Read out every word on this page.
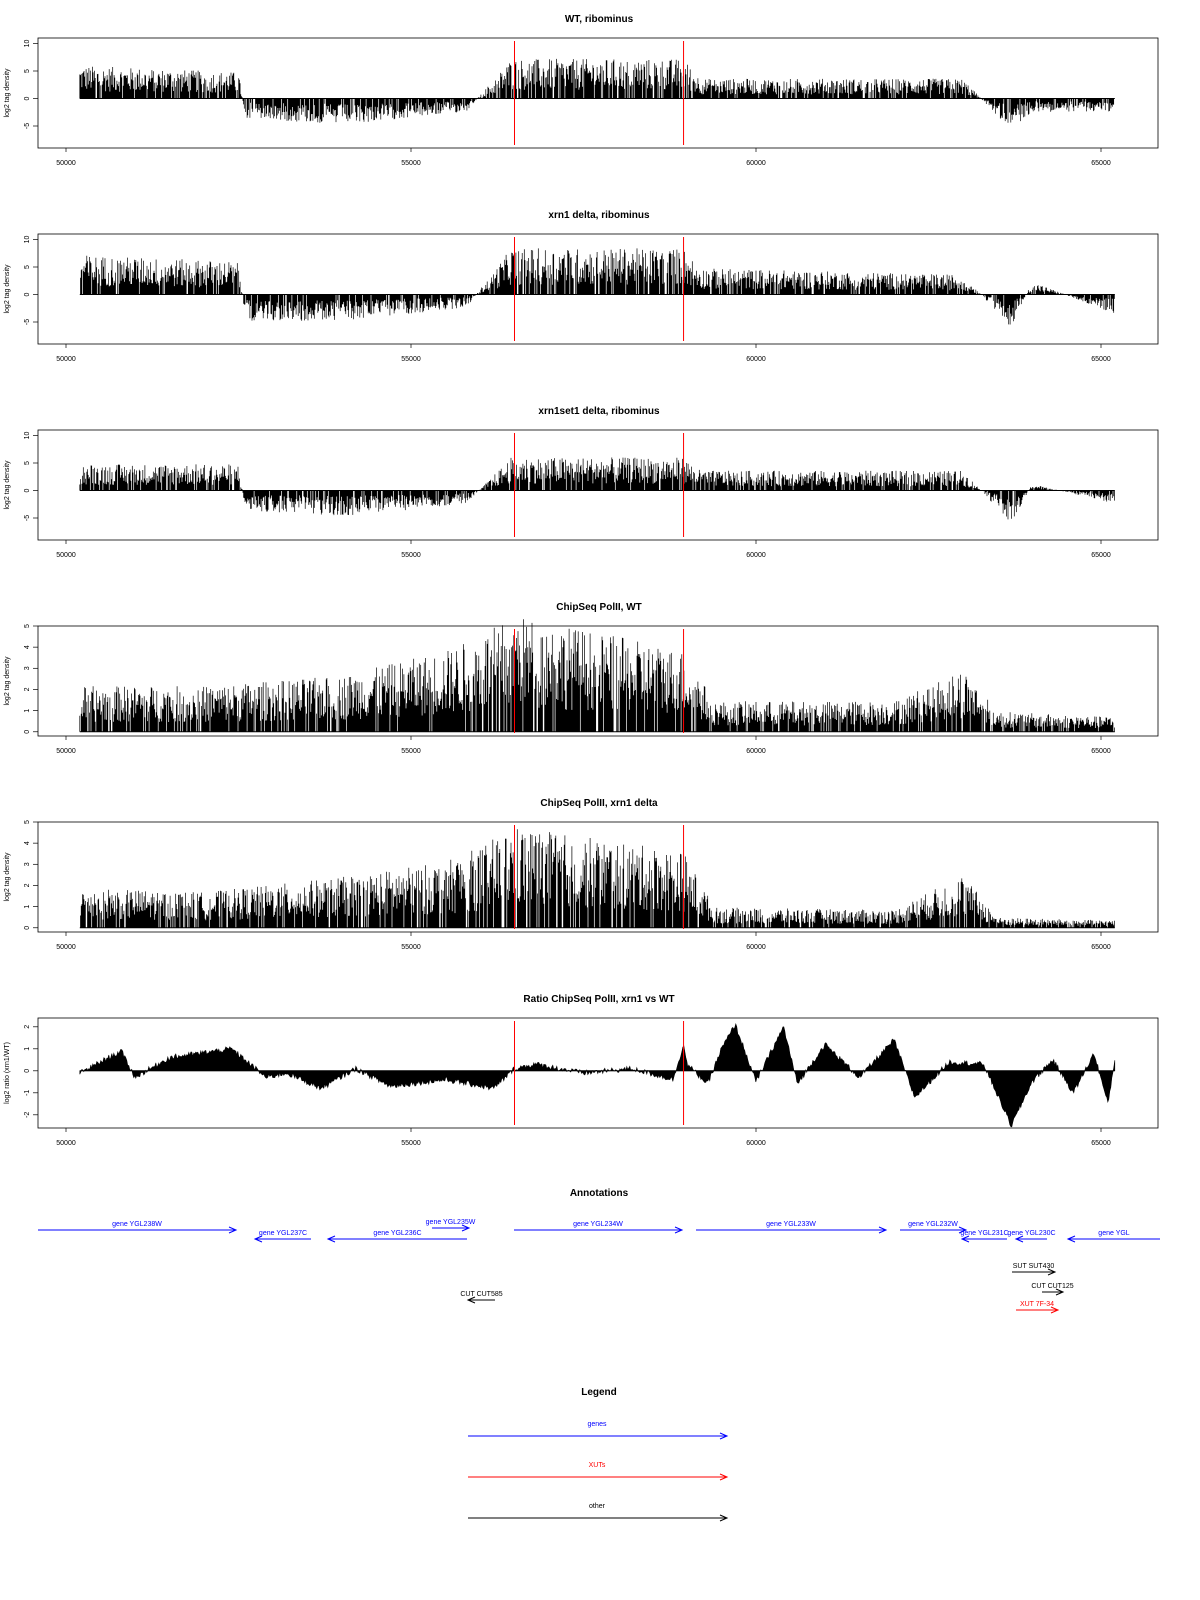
WT, ribominus
log2 tag density
-5
0
5
10
50000	55000	60000	65000
xrn1 delta, ribominus
log2 tag density
-5
0
5
10
50000	55000	60000	65000
xrn1set1 delta, ribominus
log2 tag density
-5
0
5
10
50000	55000	60000	65000
ChipSeq PolII, WT
log2 tag density
0
1
2
3
4
5
50000	55000	60000	65000
ChipSeq PolII, xrn1 delta
log2 tag density
0
1
2
3
4
5
50000	55000	60000	65000
Ratio ChipSeq PolII, xrn1 vs WT
log2 ratio (xrn1/WT)
-2
-1
0
1
2
50000	55000	60000	65000
Annotations
gene YGL238W
gene YGL237C	gene YGL236C
gene YGL235W	gene YGL234W	gene YGL233W	gene YGL232W
gene YGL231C
gene YGL230C	gene YGL
SUT SUT430
CUT CUT125
XUT 7F-34
CUT CUT585
Legend
genes
XUTs
other
